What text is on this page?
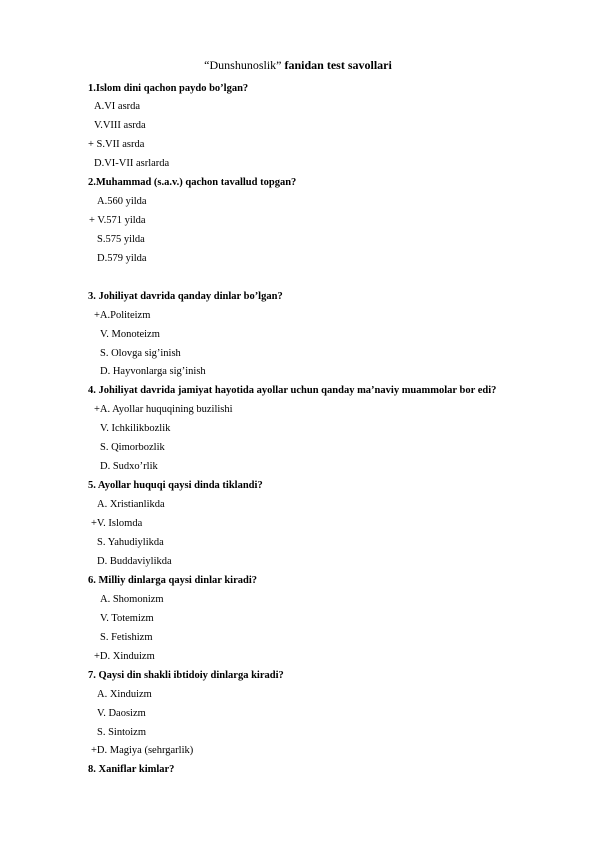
“Dunshunoslik” fanidan test savollari
1.Islom dini qachon paydo bo’lgan?
A.VI asrda
V.VIII asrda
+ S.VII asrda
D.VI-VII asrlarda
2.Muhammad (s.a.v.) qachon tavallud topgan?
A.560 yilda
+ V.571 yilda
S.575 yilda
D.579 yilda
3. Johiliyat davrida qanday dinlar bo’lgan?
+A.Politeizm
V. Monoteizm
S. Olovga sig’inish
D. Hayvonlarga sig’inish
4. Johiliyat davrida jamiyat hayotida ayollar uchun qanday ma’naviy muammolar bor edi?
+A. Ayollar huquqining buzilishi
V. Ichkilikbozlik
S. Qimorbozlik
D. Sudxo’rlik
5. Ayollar huquqi qaysi dinda tiklandi?
A. Xristianlikda
+V. Islomda
S. Yahudiylikda
D. Buddaviylikda
6. Milliy dinlarga qaysi dinlar kiradi?
A. Shomonizm
V. Totemizm
S. Fetishizm
+D. Xinduizm
7. Qaysi din shakli ibtidoiy dinlarga kiradi?
A. Xinduizm
V. Daosizm
S. Sintoizm
+D. Magiya (sehrgarlik)
8. Xaniflar kimlar?
